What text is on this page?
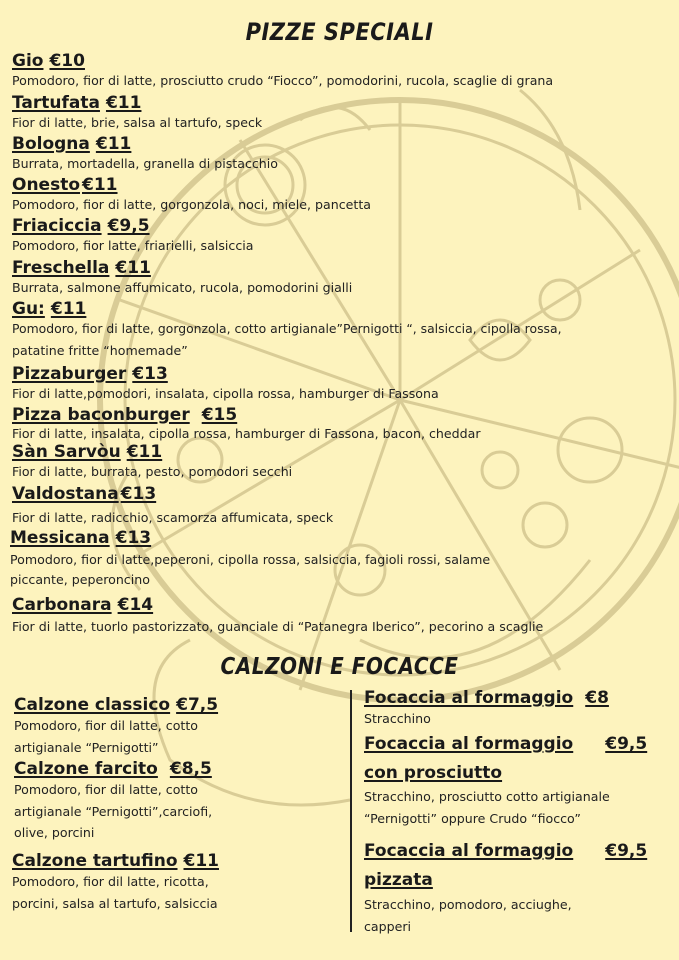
PIZZE SPECIALI
Gio €10
Pomodoro, fior di latte, prosciutto crudo “Fiocco”, pomodorini, rucola, scaglie di grana
Tartufata €11
Fior di latte, brie, salsa al tartufo, speck
Bologna €11
Burrata, mortadella, granella di pistacchio
Onesto €11
Pomodoro, fior di latte, gorgonzola, noci, miele, pancetta
Friaciccia €9,5
Pomodoro, fior latte, friarielli, salsiccia
Freschella €11
Burrata, salmone affumicato, rucola, pomodorini gialli
Gu: €11
Pomodoro, fior di latte, gorgonzola, cotto artigianale”Pernigotti “, salsiccia, cipolla rossa,
patatine fritte “homemade”
Pizzaburger €13
Fior di latte,pomodori, insalata, cipolla rossa, hamburger di Fassona
Pizza baconburger €15
Fior di latte, insalata, cipolla rossa, hamburger di Fassona, bacon, cheddar
Sàn Sarvòu €11
Fior di latte, burrata, pesto, pomodori secchi
Valdostana €13
Fior di latte, radicchio, scamorza affumicata, speck
Messicana €13
Pomodoro, fior di latte,peperoni, cipolla rossa, salsiccia, fagioli rossi, salame
piccante, peperoncino
Carbonara €14
Fior di latte, tuorlo pastorizzato, guanciale di “Patanegra Iberico”, pecorino a scaglie
CALZONI E FOCACCE
Calzone classico €7,5
Pomodoro, fior dil latte, cotto
artigianale “Pernigotti”
Calzone farcito €8,5
Pomodoro, fior dil latte, cotto
artigianale “Pernigotti”,carciofi,
olive, porcini
Calzone tartufino €11
Pomodoro, fior dil latte, ricotta,
porcini, salsa al tartufo, salsiccia
Focaccia al formaggio €8
Stracchino
Focaccia al formaggio €9,5
con prosciutto
Stracchino, prosciutto cotto artigianale
“Pernigotti” oppure Crudo “fiocco”
Focaccia al formaggio €9,5
pizzata
Stracchino, pomodoro, acciughe,
capperi
